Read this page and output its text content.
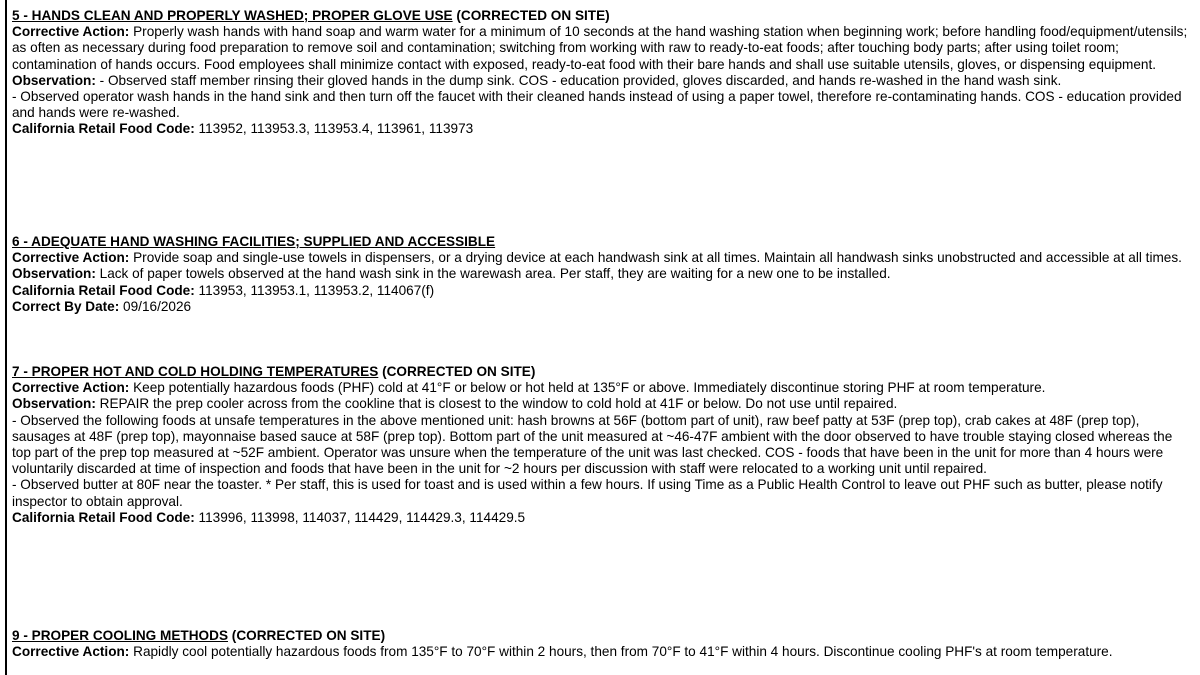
5 - HANDS CLEAN AND PROPERLY WASHED; PROPER GLOVE USE (CORRECTED ON SITE)
Corrective Action: Properly wash hands with hand soap and warm water for a minimum of 10 seconds at the hand washing station when beginning work; before handling food/equipment/utensils; as often as necessary during food preparation to remove soil and contamination; switching from working with raw to ready-to-eat foods; after touching body parts; after using toilet room; contamination of hands occurs. Food employees shall minimize contact with exposed, ready-to-eat food with their bare hands and shall use suitable utensils, gloves, or dispensing equipment.
Observation: - Observed staff member rinsing their gloved hands in the dump sink. COS - education provided, gloves discarded, and hands re-washed in the hand wash sink.
- Observed operator wash hands in the hand sink and then turn off the faucet with their cleaned hands instead of using a paper towel, therefore re-contaminating hands. COS - education provided and hands were re-washed.
California Retail Food Code: 113952, 113953.3, 113953.4, 113961, 113973
6 - ADEQUATE HAND WASHING FACILITIES; SUPPLIED AND ACCESSIBLE
Corrective Action: Provide soap and single-use towels in dispensers, or a drying device at each handwash sink at all times. Maintain all handwash sinks unobstructed and accessible at all times.
Observation: Lack of paper towels observed at the hand wash sink in the warewash area. Per staff, they are waiting for a new one to be installed.
California Retail Food Code: 113953, 113953.1, 113953.2, 114067(f)
Correct By Date: 09/16/2026
7 - PROPER HOT AND COLD HOLDING TEMPERATURES (CORRECTED ON SITE)
Corrective Action: Keep potentially hazardous foods (PHF) cold at 41°F or below or hot held at 135°F or above. Immediately discontinue storing PHF at room temperature.
Observation: REPAIR the prep cooler across from the cookline that is closest to the window to cold hold at 41F or below. Do not use until repaired.
- Observed the following foods at unsafe temperatures in the above mentioned unit: hash browns at 56F (bottom part of unit), raw beef patty at 53F (prep top), crab cakes at 48F (prep top), sausages at 48F (prep top), mayonnaise based sauce at 58F (prep top). Bottom part of the unit measured at ~46-47F ambient with the door observed to have trouble staying closed whereas the top part of the prep top measured at ~52F ambient. Operator was unsure when the temperature of the unit was last checked. COS - foods that have been in the unit for more than 4 hours were voluntarily discarded at time of inspection and foods that have been in the unit for ~2 hours per discussion with staff were relocated to a working unit until repaired.
- Observed butter at 80F near the toaster. * Per staff, this is used for toast and is used within a few hours. If using Time as a Public Health Control to leave out PHF such as butter, please notify inspector to obtain approval.
California Retail Food Code: 113996, 113998, 114037, 114429, 114429.3, 114429.5
9 - PROPER COOLING METHODS (CORRECTED ON SITE)
Corrective Action: Rapidly cool potentially hazardous foods from 135°F to 70°F within 2 hours, then from 70°F to 41°F within 4 hours. Discontinue cooling PHF's at room temperature.
